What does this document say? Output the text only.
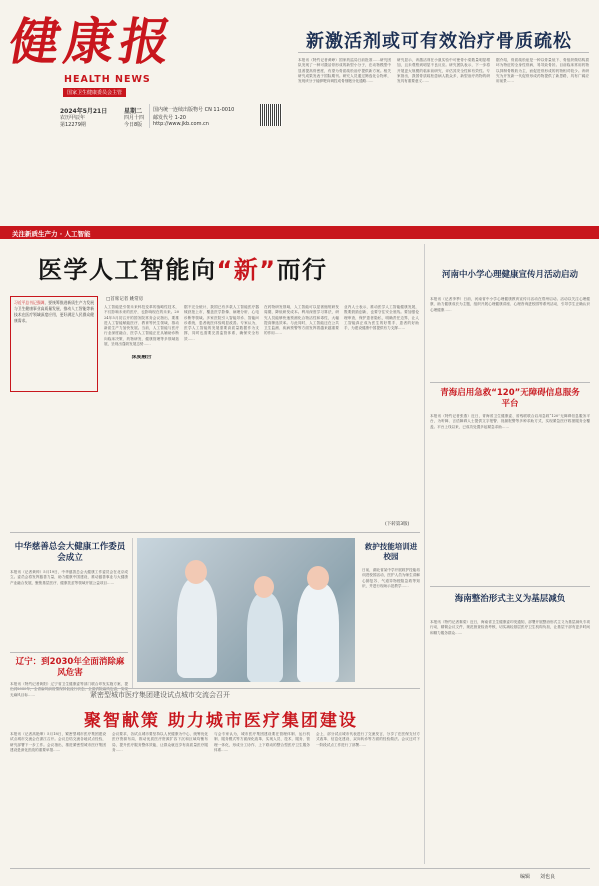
健康报
HEALTH NEWS
国家卫生健康委员会主管
2024年5月21日	星期二
农历甲辰年	四月十四
第12279期	今日8版
国内统一连续出版物号 CN 11-0010
邮发代号 1-20
http://www.jkb.com.cn
新激活剂或可有效治疗骨质疏松
本报讯（特约记者黄峥）国家药监局日前批准……研究团队发现了一种可激活骨形成的新型小分子，在动物模型中显著提高骨密度，有望为骨质疏松治疗提供新方案。相关研究成果发表于国际期刊。研究人员通过筛选化合物库，发现该分子能够靶向调控成骨细胞分化通路……
研究显示，该激活剂在小鼠实验中可使骨小梁数量明显增加，且未观察到明显不良反应。研究团队表示，下一步将开展更大规模的临床前研究，评估其安全性和有效性。专家指出，我国骨质疏松患病人数众多，新型治疗药物的研发具有重要意义……
据介绍，骨质疏松症是一种以骨量低下、骨组织微结构损坏为特征的全身性骨病，易导致骨折。目前临床常用药物以抑制骨吸收为主，而促进骨形成的药物相对较少。该研究为开发新一代促骨形成药物提供了新思路，具有广阔应用前景……
关注新质生产力 · 人工智能
医学人工智能向“新”而行
习近平总书记强调，要统筹推进新质生产力发展与卫生健康事业高质量发展，推动人工智能等新技术在医疗领域深度应用，更好满足人民群众健康需求。
□首席记者 姚常房
人工智能是引领未来科技变革的战略性技术，不仅影响未来的医疗，也影响现在的未来。2024年5月初召开的国务院常务会议指出，要推进人工智能赋能医疗、教育等民生领域，推动新质生产力加快发展。当前，人工智能与医疗行业深度融合，医学人工智能正在从辅助诊断向临床决策、药物研发、健康管理等多领域拓展，呈现出蓬勃发展态势……
深度融合
据不完全统计，我国已有多款人工智能医疗器械获批上市，覆盖医学影像、病理分析、心电诊断等领域。多家医院引入智能导诊、智能问诊系统，患者就医体验明显改善。专家认为，医学人工智能的发展需要高质量数据作为支撑，同时也需要完善监管体系，确保安全有效……
在药物研发领域，人工智能可以显著缩短研发周期，降低研发成本。利用深度学习算法，研究人员能够快速预测化合物活性和毒性，大幅提高筛选效率。与此同时，人工智能还在公共卫生监测、疾病预警等方面发挥着越来越重要的作用……
业内人士表示，推动医学人工智能健康发展，既要鼓励创新，也要守住安全底线。要加强伦理审查，保护患者隐私，明确责任边界，让人工智能真正成为医生的好帮手、患者的好助手，为建设健康中国提供有力支撑……
(下转第3版)
河南中小学心理健康宣传月活动启动
本报讯（记者李季）日前，河南省中小学心理健康教育宣传月活动在郑州启动。活动以关注心理健康、助力健康成长为主题，组织开展心理健康讲座、心理咨询进校园等系列活动，引导学生正确认识心理健康……
青海启用急救“120”无障碍信息服务平台
本报讯（特约记者张燕）近日，青海省卫生健康委、省残联联合启用急救“120”无障碍信息服务平台，为听障、言语障碍人士提供文字报警、视频报警等多种求助方式，实现紧急医疗救援服务全覆盖。平台上线以来，已成功处置多起紧急求助……
海南整治形式主义为基层减负
本报讯（特约记者秦梁）近日，海南省卫生健康委印发通知，部署开展整治形式主义为基层减负专项行动，精简会议文件，规范督查检查考核，切实减轻基层医疗卫生机构负担，让基层干部有更多时间和精力服务群众……
中华慈善总会大健康工作委员会成立
本报讯（记者黄帅）5月19日，中华慈善总会大健康工作委员会在北京成立。委员会将发挥慈善力量，助力健康中国建设，推动慈善事业与大健康产业融合发展，聚焦基层医疗、健康扶贫等领域开展公益项目……
辽宁：到2030年全面消除麻风危害
本报讯（特约记者黄阳）辽宁省卫生健康委等部门联合印发实施方案，提出到2030年，全省麻风病疫情保持低流行状态，全面消除麻风危害，实现无麻风目标……
救护技能培训进校园
日前，湖北省某中学开展救护技能培训进校园活动，医护人员为师生讲解心肺复苏、气道异物梗阻急救等知识，并进行现场示范教学……
紧密型城市医疗集团建设试点城市交流会召开
聚智献策 助力城市医疗集团建设
本报讯（记者高艳坤）5月18日，紧密型城市医疗集团建设试点城市交流会在浙江召开。会议总结交流各地试点经验，研究部署下一步工作。会议指出，推进紧密型城市医疗集团建设是深化医改的重要举措……
会议要求，各试点城市要坚持以人民健康为中心，统筹优化医疗资源布局，推动优质医疗资源扩容下沉和区域均衡布局，提升医疗服务整体效能，让群众就近享有高质量医疗服务……
与会专家认为，城市医疗集团建设要在管理体制、运行机制、服务模式等方面深化改革，实现人员、技术、服务、管理一体化，形成分工协作、上下联动的整合型医疗卫生服务体系……
会上，部分试点城市代表进行了交流发言，分享了在医保支付方式改革、信息化建设、双向转诊等方面的经验做法。会议还对下一阶段试点工作进行了部署……
编辑 刘也良
